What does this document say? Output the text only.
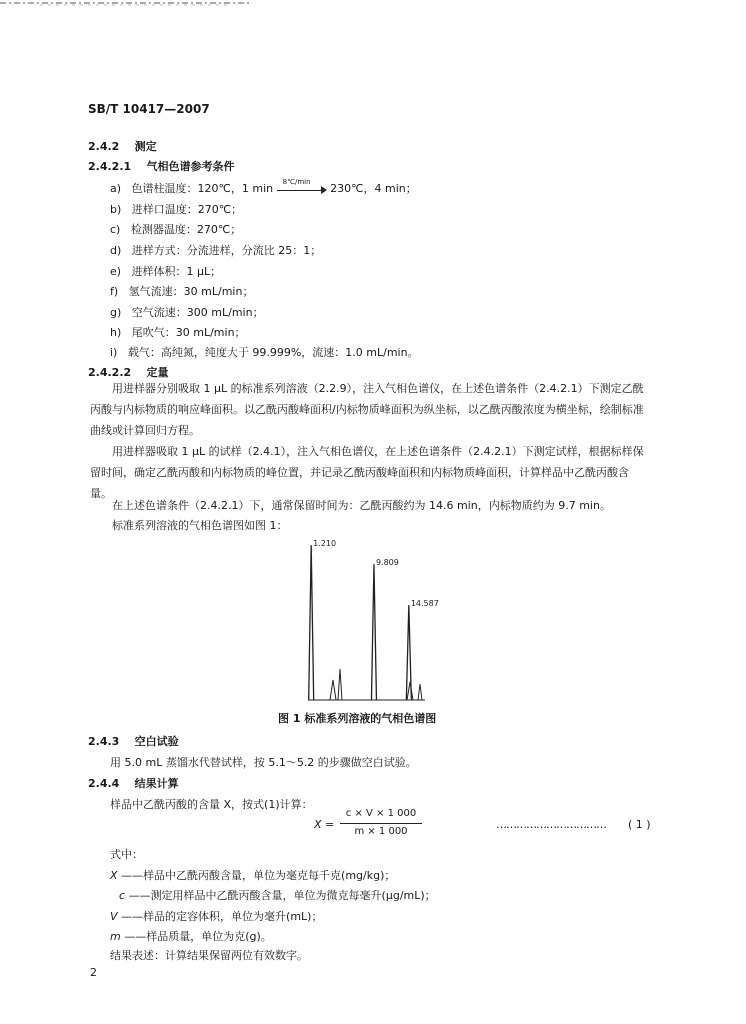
SB/T 10417—2007
2.4.2 测定
2.4.2.1 气相色谱参考条件
a) 色谱柱温度：120℃，1 min 8℃/min 230℃，4 min；
b) 进样口温度：270℃；
c) 检测器温度：270℃；
d) 进样方式：分流进样，分流比 25：1；
e) 进样体积：1 μL；
f) 氢气流速：30 mL/min；
g) 空气流速：300 mL/min；
h) 尾吹气：30 mL/min；
i) 载气：高纯氮，纯度大于 99.999%，流速：1.0 mL/min。
2.4.2.2 定量
用进样器分别吸取 1 μL 的标准系列溶液（2.2.9），注入气相色谱仪，在上述色谱条件（2.4.2.1）下测定乙酰丙酸与内标物质的响应峰面积。以乙酰丙酸峰面积/内标物质峰面积为纵坐标，以乙酰丙酸浓度为横坐标，绘制标准曲线或计算回归方程。
用进样器吸取 1 μL 的试样（2.4.1），注入气相色谱仪，在上述色谱条件（2.4.2.1）下测定试样，根据标样保留时间，确定乙酰丙酸和内标物质的峰位置，并记录乙酰丙酸峰面积和内标物质峰面积，计算样品中乙酰丙酸含量。
在上述色谱条件（2.4.2.1）下，通常保留时间为：乙酰丙酸约为 14.6 min，内标物质约为 9.7 min。
标准系列溶液的气相色谱图如图 1：
1.210
9.809
14.587
图 1 标准系列溶液的气相色谱图
2.4.3 空白试验
用 5.0 mL 蒸馏水代替试样，按 5.1～5.2 的步骤做空白试验。
2.4.4 结果计算
样品中乙酰丙酸的含量 X，按式(1)计算：
X =
c × V × 1 000
m × 1 000
…………………………… ( 1 )
式中：
X ——样品中乙酰丙酸含量，单位为毫克每千克(mg/kg)；
c ——测定用样品中乙酰丙酸含量，单位为微克每毫升(μg/mL)；
V ——样品的定容体积，单位为毫升(mL)；
m ——样品质量，单位为克(g)。
结果表述：计算结果保留两位有效数字。
2
